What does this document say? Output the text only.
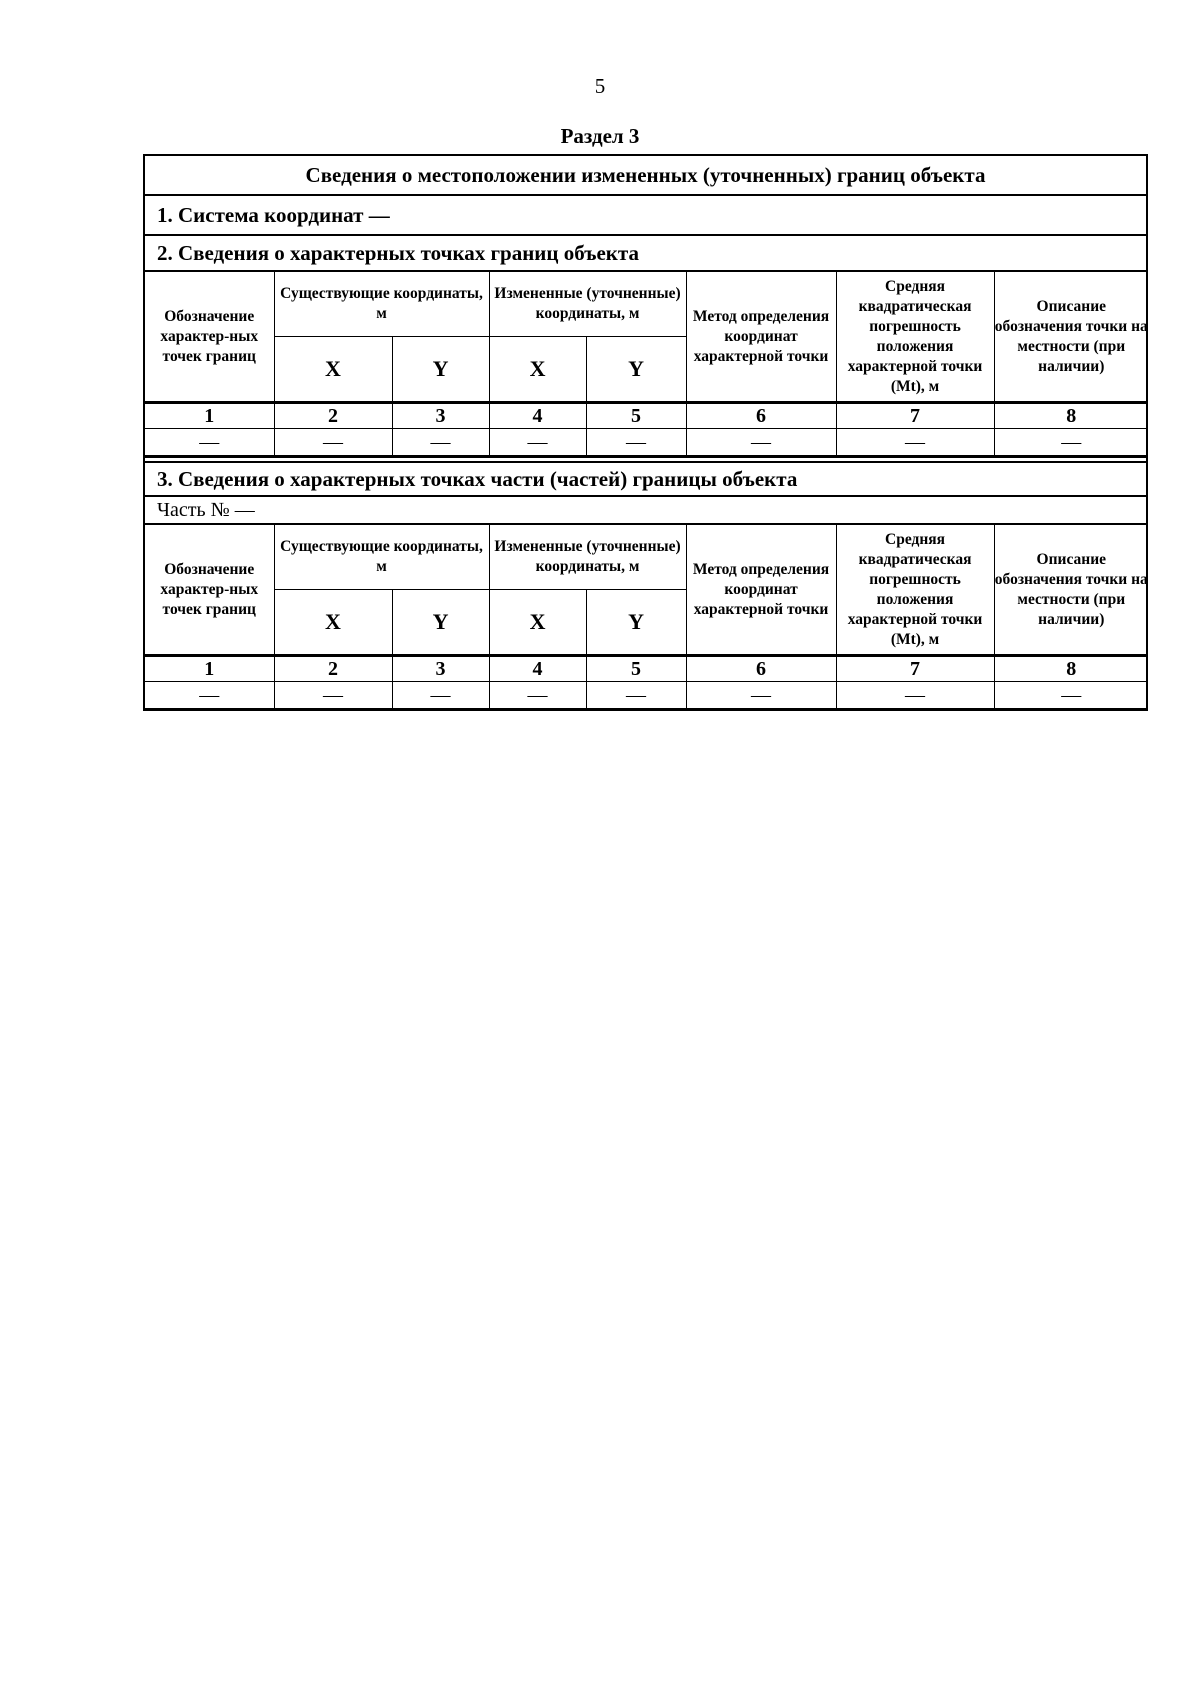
5
Раздел 3
Сведения о местоположении измененных (уточненных) границ объекта
1. Система координат —
2. Сведения о характерных точках границ объекта
Обозначение характер-ных точек границ	Существующие координаты, м		Измененные (уточненные) координаты, м		Метод определения координат характерной точки	Средняя квадратическая погрешность положения характерной точки (Mt), м	Описание обозначения точки на местности (при наличии)
	X	Y	X	Y			
1	2	3	4	5	6	7	8
—	—	—	—	—	—	—	—
3. Сведения о характерных точках части (частей) границы объекта
Часть № —
Обозначение характер-ных точек границ	Существующие координаты, м		Измененные (уточненные) координаты, м		Метод определения координат характерной точки	Средняя квадратическая погрешность положения характерной точки (Mt), м	Описание обозначения точки на местности (при наличии)
	X	Y	X	Y			
1	2	3	4	5	6	7	8
—	—	—	—	—	—	—	—
